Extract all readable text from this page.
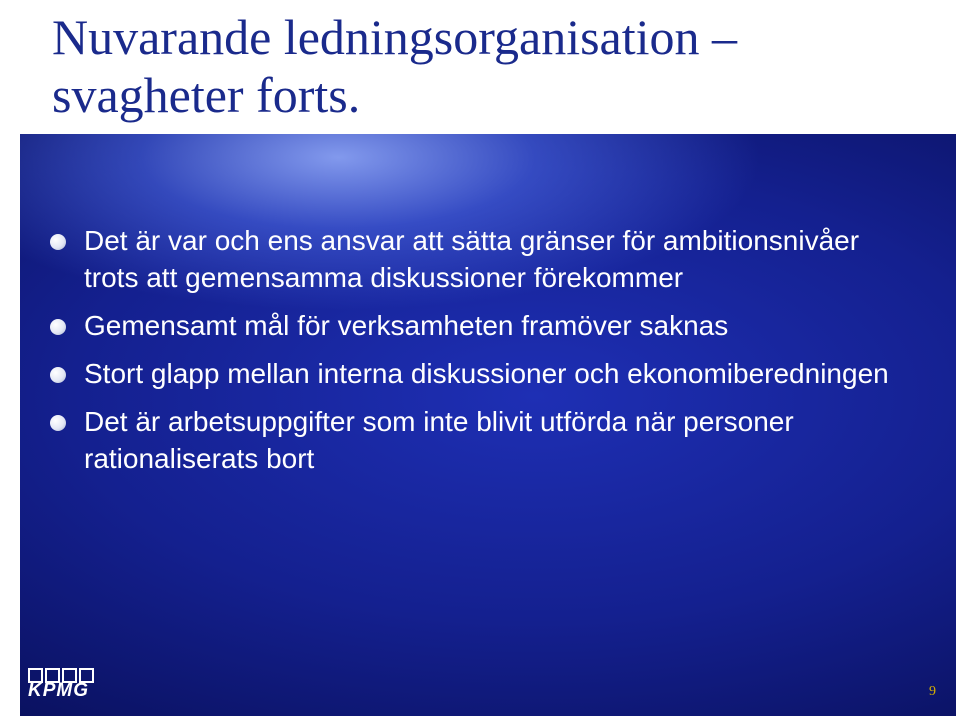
Nuvarande ledningsorganisation – svagheter forts.
Det är var och ens ansvar att sätta gränser för ambitionsnivåer trots att gemensamma diskussioner förekommer
Gemensamt mål för verksamheten framöver saknas
Stort glapp mellan interna diskussioner och ekonomiberedningen
Det är arbetsuppgifter som inte blivit utförda när personer rationaliserats bort
KPMG	9
